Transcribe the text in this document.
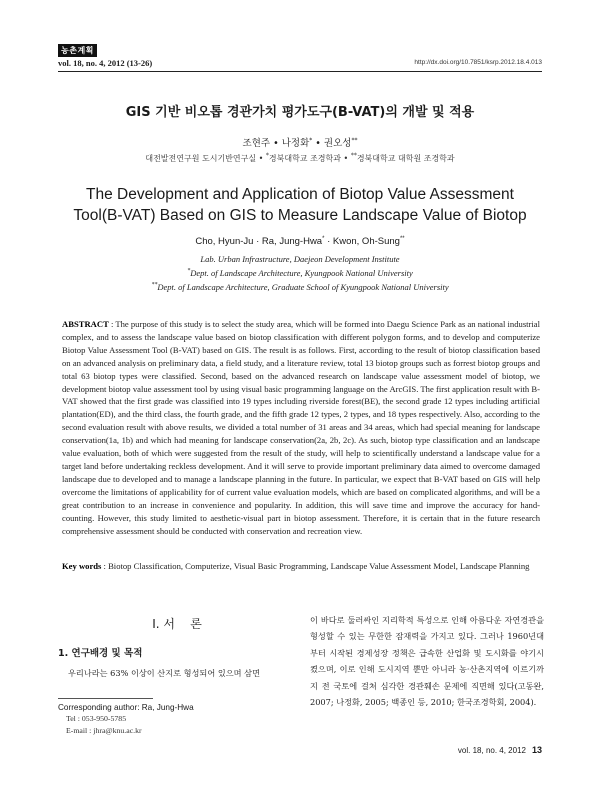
농촌계획
vol. 18, no. 4, 2012 (13-26)	http://dx.doi.org/10.7851/ksrp.2012.18.4.013
GIS 기반 비오톱 경관가치 평가도구(B-VAT)의 개발 및 적용
조현주 • 나정화* • 권오성**
대전발전연구원 도시기반연구실 • *경북대학교 조경학과 • **경북대학교 대학원 조경학과
The Development and Application of Biotop Value Assessment
Tool(B-VAT) Based on GIS to Measure Landscape Value of Biotop
Cho, Hyun-Ju · Ra, Jung-Hwa* · Kwon, Oh-Sung**
Lab. Urban Infrastructure, Daejeon Development Institute
*Dept. of Landscape Architecture, Kyungpook National University
**Dept. of Landscape Architecture, Graduate School of Kyungpook National University
ABSTRACT : The purpose of this study is to select the study area, which will be formed into Daegu Science Park as an national industrial complex, and to assess the landscape value based on biotop classification with different polygon forms, and to develop and computerize Biotop Value Assessment Tool (B-VAT) based on GIS. The result is as follows. First, according to the result of biotop classification based on an advanced analysis on preliminary data, a field study, and a literature review, total 13 biotop groups such as forrest biotop groups and total 63 biotop types were classified. Second, based on the advanced research on landscape value assessment model of biotop, we development biotop value assessment tool by using visual basic programming language on the ArcGIS. The first application result with B-VAT showed that the first grade was classified into 19 types including riverside forest(BE), the second grade 12 types including artificial plantation(ED), and the third class, the fourth grade, and the fifth grade 12 types, 2 types, and 18 types respectively. Also, according to the second evaluation result with above results, we divided a total number of 31 areas and 34 areas, which had special meaning for landscape conservation(1a, 1b) and which had meaning for landscape conservation(2a, 2b, 2c). As such, biotop type classification and an landscape value evaluation, both of which were suggested from the result of the study, will help to scientifically understand a landscape value for a target land before undertaking reckless development. And it will serve to provide important preliminary data aimed to overcome damaged landscape due to developed and to manage a landscape planning in the future. In particular, we expect that B-VAT based on GIS will help overcome the limitations of applicability for of current value evaluation models, which are based on complicated algorithms, and will be a great contribution to an increase in convenience and popularity. In addition, this will save time and improve the accuracy for hand-counting. However, this study limited to aesthetic-visual part in biotop assessment. Therefore, it is certain that in the future research comprehensive assessment should be conducted with conservation and recreation view.
Key words : Biotop Classification, Computerize, Visual Basic Programming, Landscape Value Assessment Model, Landscape Planning
I. 서    론
1. 연구배경 및 목적
우리나라는 63% 이상이 산지로 형성되어 있으며 삼면
이 바다로 둘러싸인 지리학적 특성으로 인해 아름다운 자연경관을 형성할 수 있는 무한한 잠재력을 가지고 있다. 그러나 1960년대부터 시작된 경제성장 정책은 급속한 산업화 및 도시화를 야기시켰으며, 이로 인해 도시지역 뿐만 아니라 농·산촌지역에 이르기까지 전 국토에 걸쳐 심각한 경관훼손 문제에 직면해 있다(고동완, 2007; 나정화, 2005; 백종인 등, 2010; 한국조경학회, 2004).
Corresponding author: Ra, Jung-Hwa
Tel : 053-950-5785
E-mail : jhra@knu.ac.kr
vol. 18, no. 4, 2012 13
